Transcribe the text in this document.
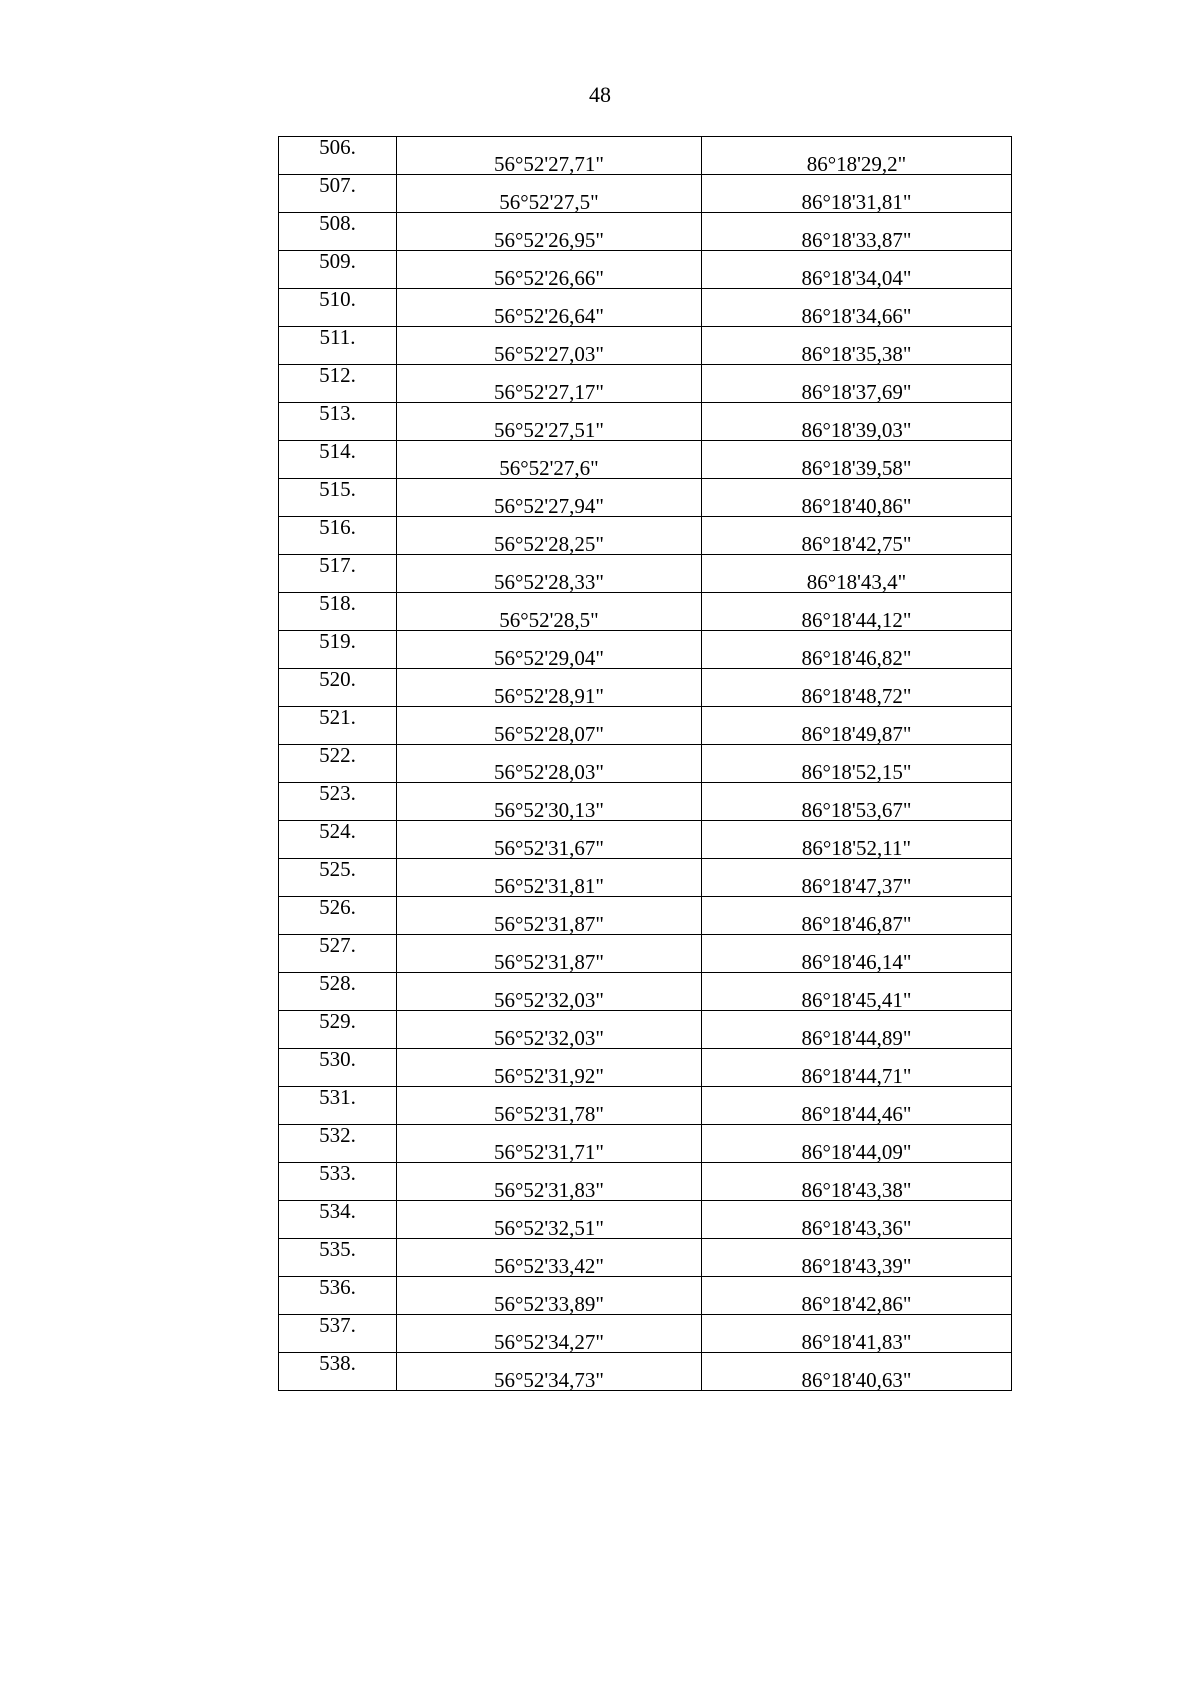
48
506.	56°52'27,71"	86°18'29,2"
507.	56°52'27,5"	86°18'31,81"
508.	56°52'26,95"	86°18'33,87"
509.	56°52'26,66"	86°18'34,04"
510.	56°52'26,64"	86°18'34,66"
511.	56°52'27,03"	86°18'35,38"
512.	56°52'27,17"	86°18'37,69"
513.	56°52'27,51"	86°18'39,03"
514.	56°52'27,6"	86°18'39,58"
515.	56°52'27,94"	86°18'40,86"
516.	56°52'28,25"	86°18'42,75"
517.	56°52'28,33"	86°18'43,4"
518.	56°52'28,5"	86°18'44,12"
519.	56°52'29,04"	86°18'46,82"
520.	56°52'28,91"	86°18'48,72"
521.	56°52'28,07"	86°18'49,87"
522.	56°52'28,03"	86°18'52,15"
523.	56°52'30,13"	86°18'53,67"
524.	56°52'31,67"	86°18'52,11"
525.	56°52'31,81"	86°18'47,37"
526.	56°52'31,87"	86°18'46,87"
527.	56°52'31,87"	86°18'46,14"
528.	56°52'32,03"	86°18'45,41"
529.	56°52'32,03"	86°18'44,89"
530.	56°52'31,92"	86°18'44,71"
531.	56°52'31,78"	86°18'44,46"
532.	56°52'31,71"	86°18'44,09"
533.	56°52'31,83"	86°18'43,38"
534.	56°52'32,51"	86°18'43,36"
535.	56°52'33,42"	86°18'43,39"
536.	56°52'33,89"	86°18'42,86"
537.	56°52'34,27"	86°18'41,83"
538.	56°52'34,73"	86°18'40,63"
